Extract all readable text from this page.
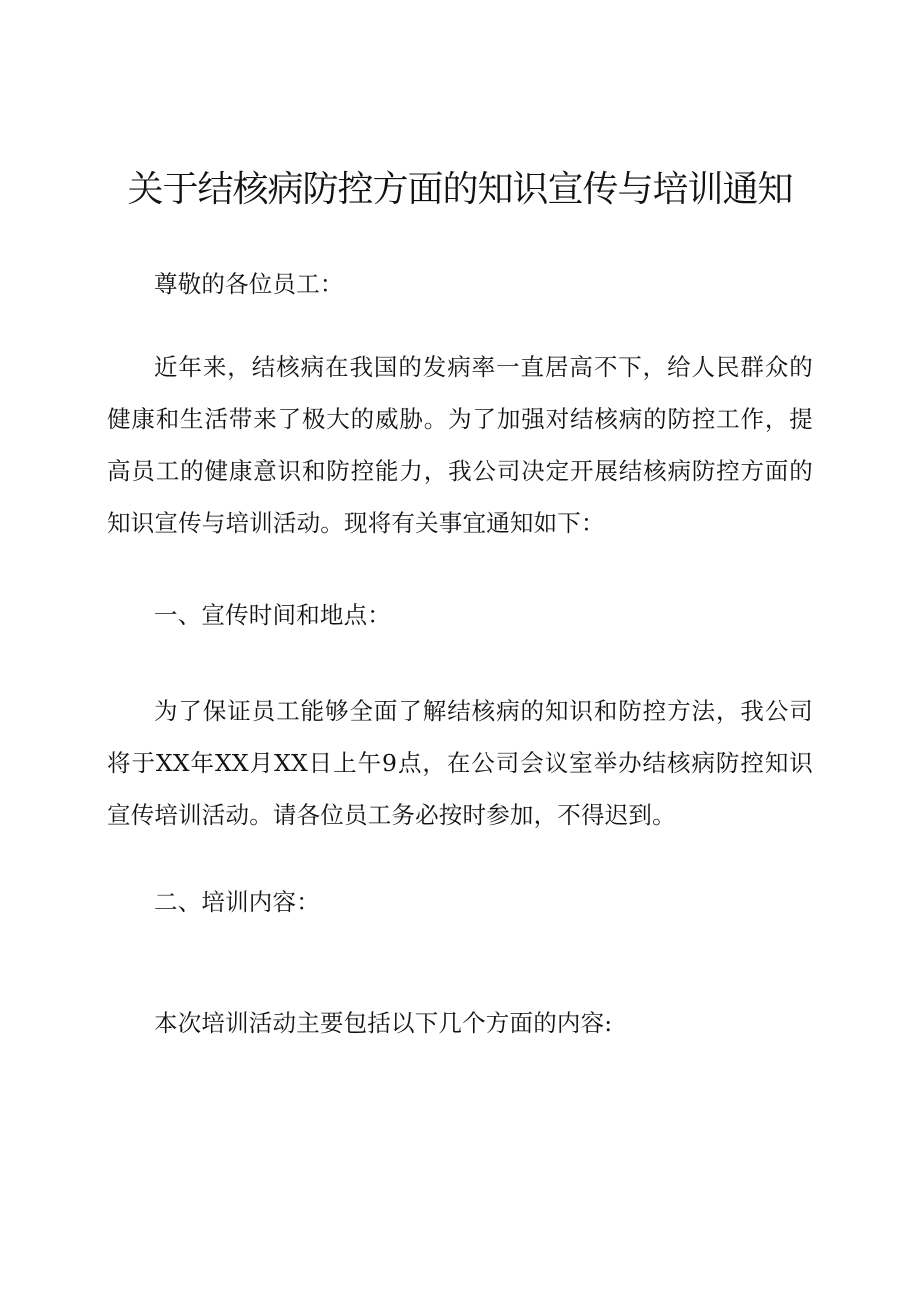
关于结核病防控方面的知识宣传与培训通知

尊敬的各位员工：

近年来，结核病在我国的发病率一直居高不下，给人民群众的健康和生活带来了极大的威胁。为了加强对结核病的防控工作，提高员工的健康意识和防控能力，我公司决定开展结核病防控方面的知识宣传与培训活动。现将有关事宜通知如下：

一、宣传时间和地点：

为了保证员工能够全面了解结核病的知识和防控方法，我公司将于XX年XX月XX日上午9点，在公司会议室举办结核病防控知识宣传培训活动。请各位员工务必按时参加，不得迟到。

二、培训内容：

本次培训活动主要包括以下几个方面的内容:
